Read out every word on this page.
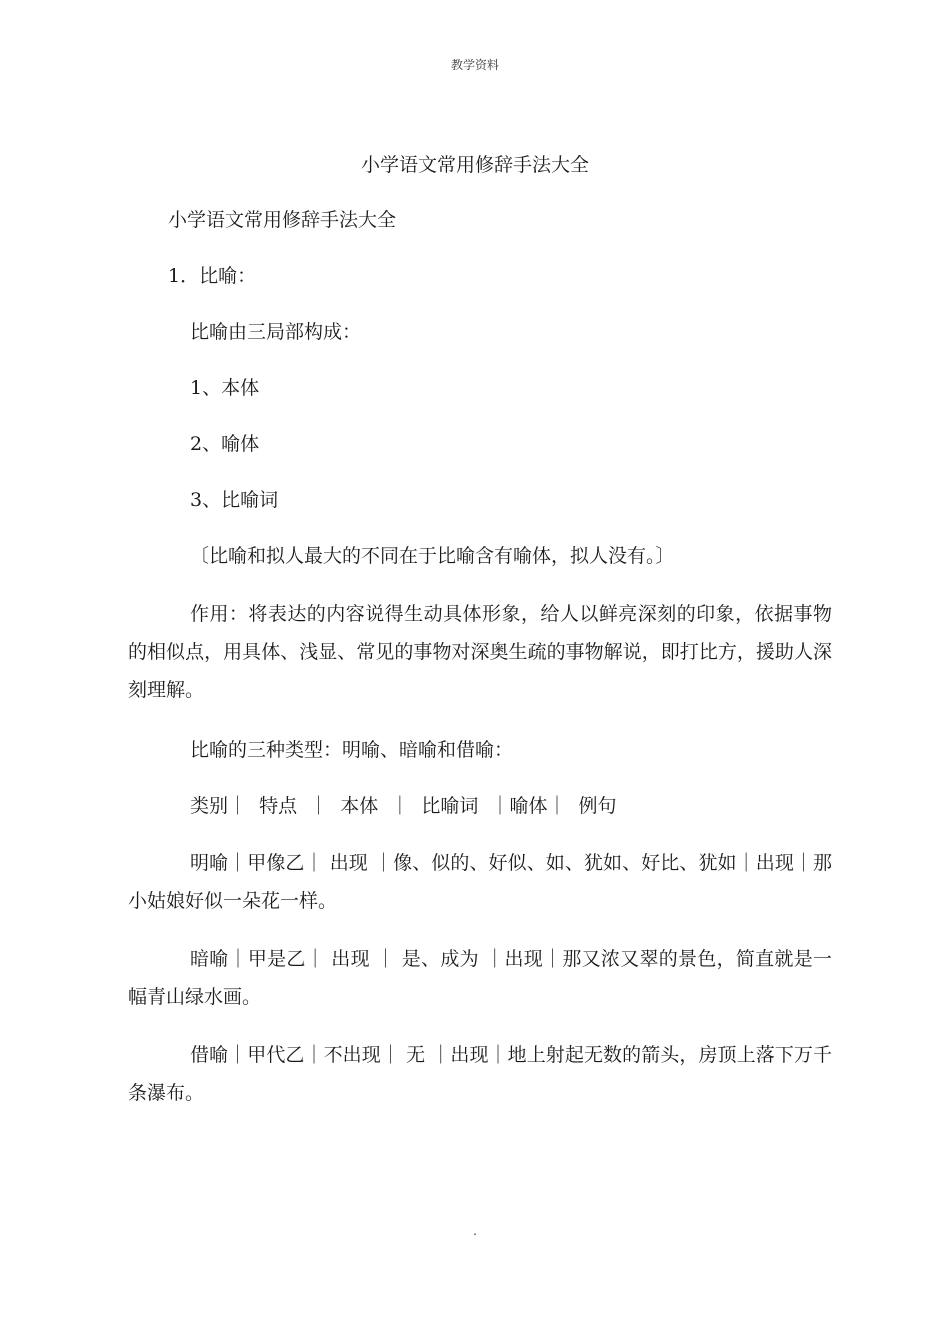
教学资料
小学语文常用修辞手法大全
小学语文常用修辞手法大全
1．比喻：
比喻由三局部构成：
1、本体
2、喻体
3、比喻词
〔比喻和拟人最大的不同在于比喻含有喻体，拟人没有。〕
作用：将表达的内容说得生动具体形象，给人以鲜亮深刻的印象，依据事物的相似点，用具体、浅显、常见的事物对深奥生疏的事物解说，即打比方，援助人深刻理解。
比喻的三种类型：明喻、暗喻和借喻：
类别｜  特点  ｜  本体  ｜  比喻词  ｜喻体｜  例句
明喻｜甲像乙｜ 出现 ｜像、似的、好似、如、犹如、好比、犹如｜出现｜那小姑娘好似一朵花一样。
暗喻｜甲是乙｜ 出现 ｜ 是、成为 ｜出现｜那又浓又翠的景色，简直就是一幅青山绿水画。
借喻｜甲代乙｜不出现｜ 无 ｜出现｜地上射起无数的箭头，房顶上落下万千条瀑布。
.
